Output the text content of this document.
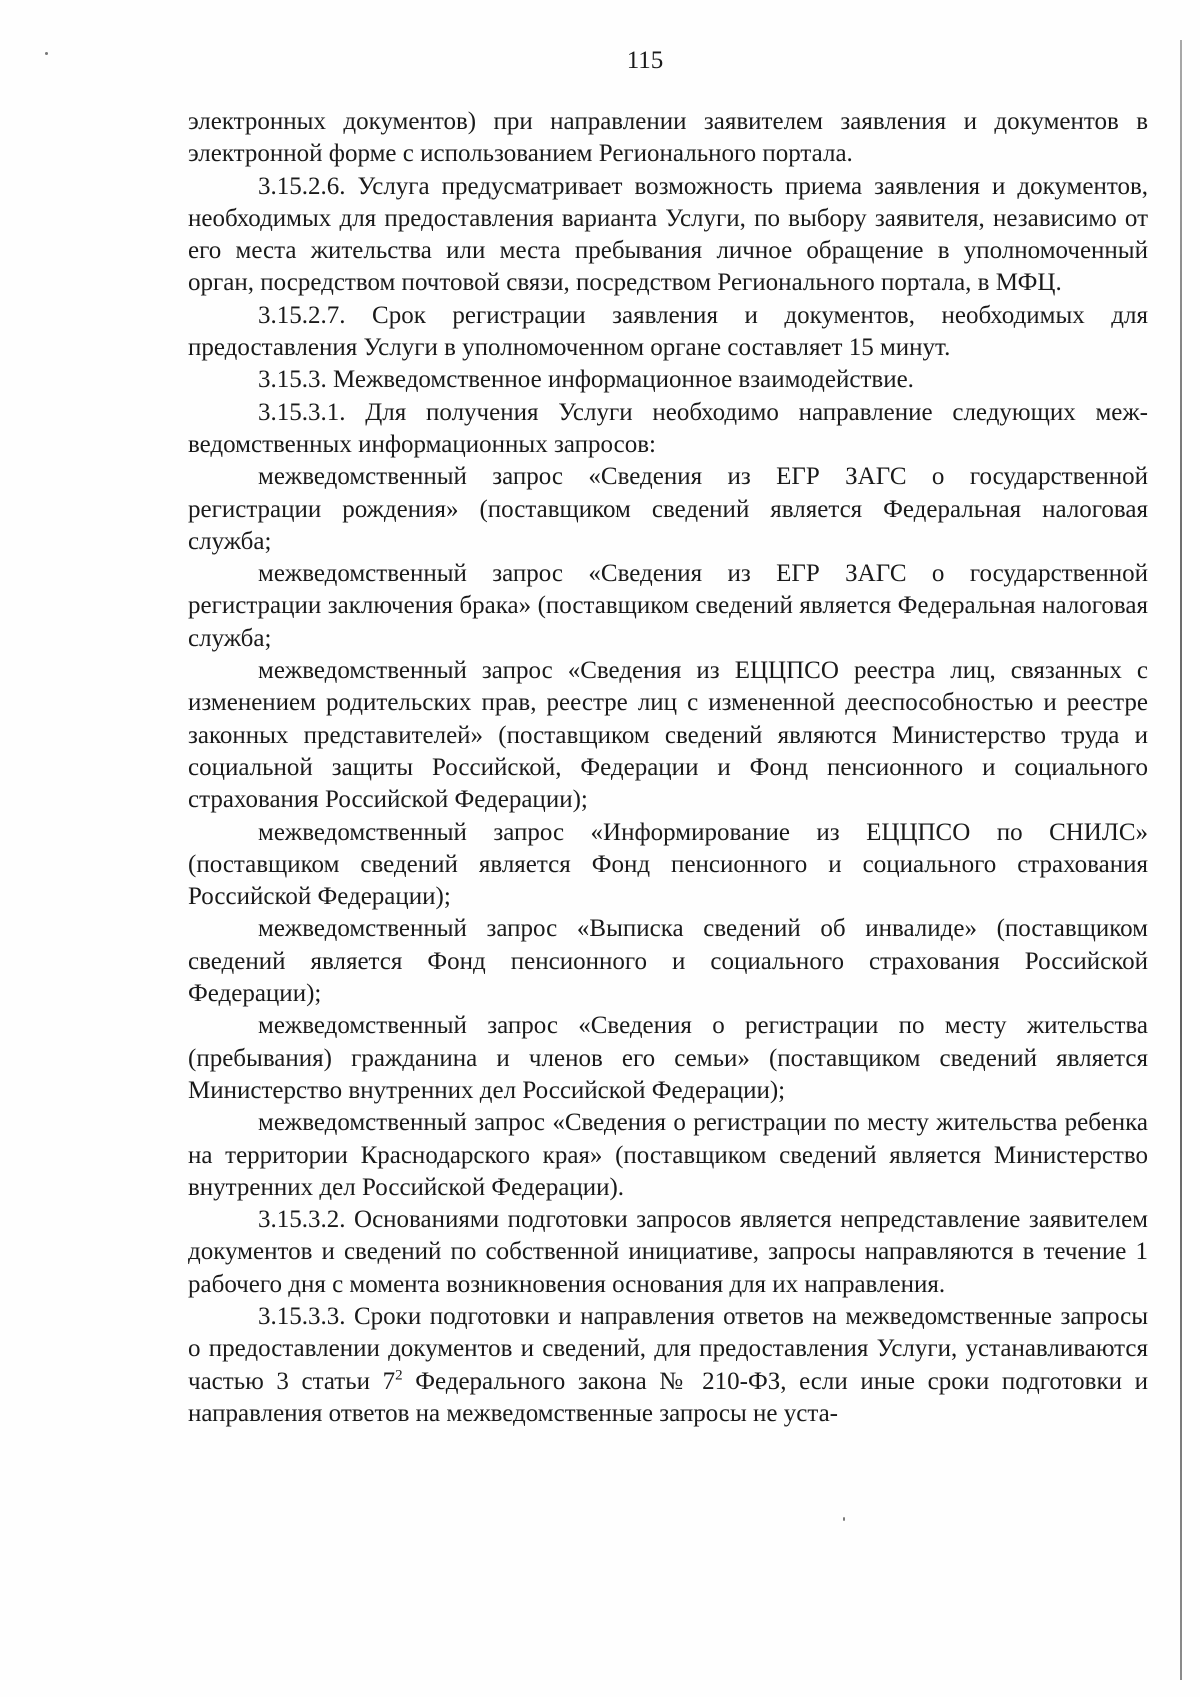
115

электронных документов) при направлении заявителем заявления и документов в электронной форме с использованием Регионального портала.

3.15.2.6. Услуга предусматривает возможность приема заявления и документов, необходимых для предоставления варианта Услуги, по выбору заявителя, независимо от его места жительства или места пребывания личное обращение в уполномоченный орган, посредством почтовой связи, посредством Регионального портала, в МФЦ.

3.15.2.7. Срок регистрации заявления и документов, необходимых для предоставления Услуги в уполномоченном органе составляет 15 минут.

3.15.3. Межведомственное информационное взаимодействие.

3.15.3.1. Для получения Услуги необходимо направление следующих межведомственных информационных запросов:

межведомственный запрос «Сведения из ЕГР ЗАГС о государственной регистрации рождения» (поставщиком сведений является Федеральная налоговая служба;

межведомственный запрос «Сведения из ЕГР ЗАГС о государственной регистрации заключения брака» (поставщиком сведений является Федеральная налоговая служба;

межведомственный запрос «Сведения из ЕЦЦПСО реестра лиц, связанных с изменением родительских прав, реестре лиц с измененной дееспособностью и реестре законных представителей» (поставщиком сведений являются Министерство труда и социальной защиты Российской, Федерации и Фонд пенсионного и социального страхования Российской Федерации);

межведомственный запрос «Информирование из ЕЦЦПСО по СНИЛС» (поставщиком сведений является Фонд пенсионного и социального страхования Российской Федерации);

межведомственный запрос «Выписка сведений об инвалиде» (поставщиком сведений является Фонд пенсионного и социального страхования Российской Федерации);

межведомственный запрос «Сведения о регистрации по месту жительства (пребывания) гражданина и членов его семьи» (поставщиком сведений является Министерство внутренних дел Российской Федерации);

межведомственный запрос «Сведения о регистрации по месту жительства ребенка на территории Краснодарского края» (поставщиком сведений является Министерство внутренних дел Российской Федерации).

3.15.3.2. Основаниями подготовки запросов является непредставление заявителем документов и сведений по собственной инициативе, запросы направляются в течение 1 рабочего дня с момента возникновения основания для их направления.

3.15.3.3. Сроки подготовки и направления ответов на межведомственные запросы о предоставлении документов и сведений, для предоставления Услуги, устанавливаются частью 3 статьи $7^2$ Федерального закона № 210-ФЗ, если иные сроки подготовки и направления ответов на межведомственные запросы не уста-
